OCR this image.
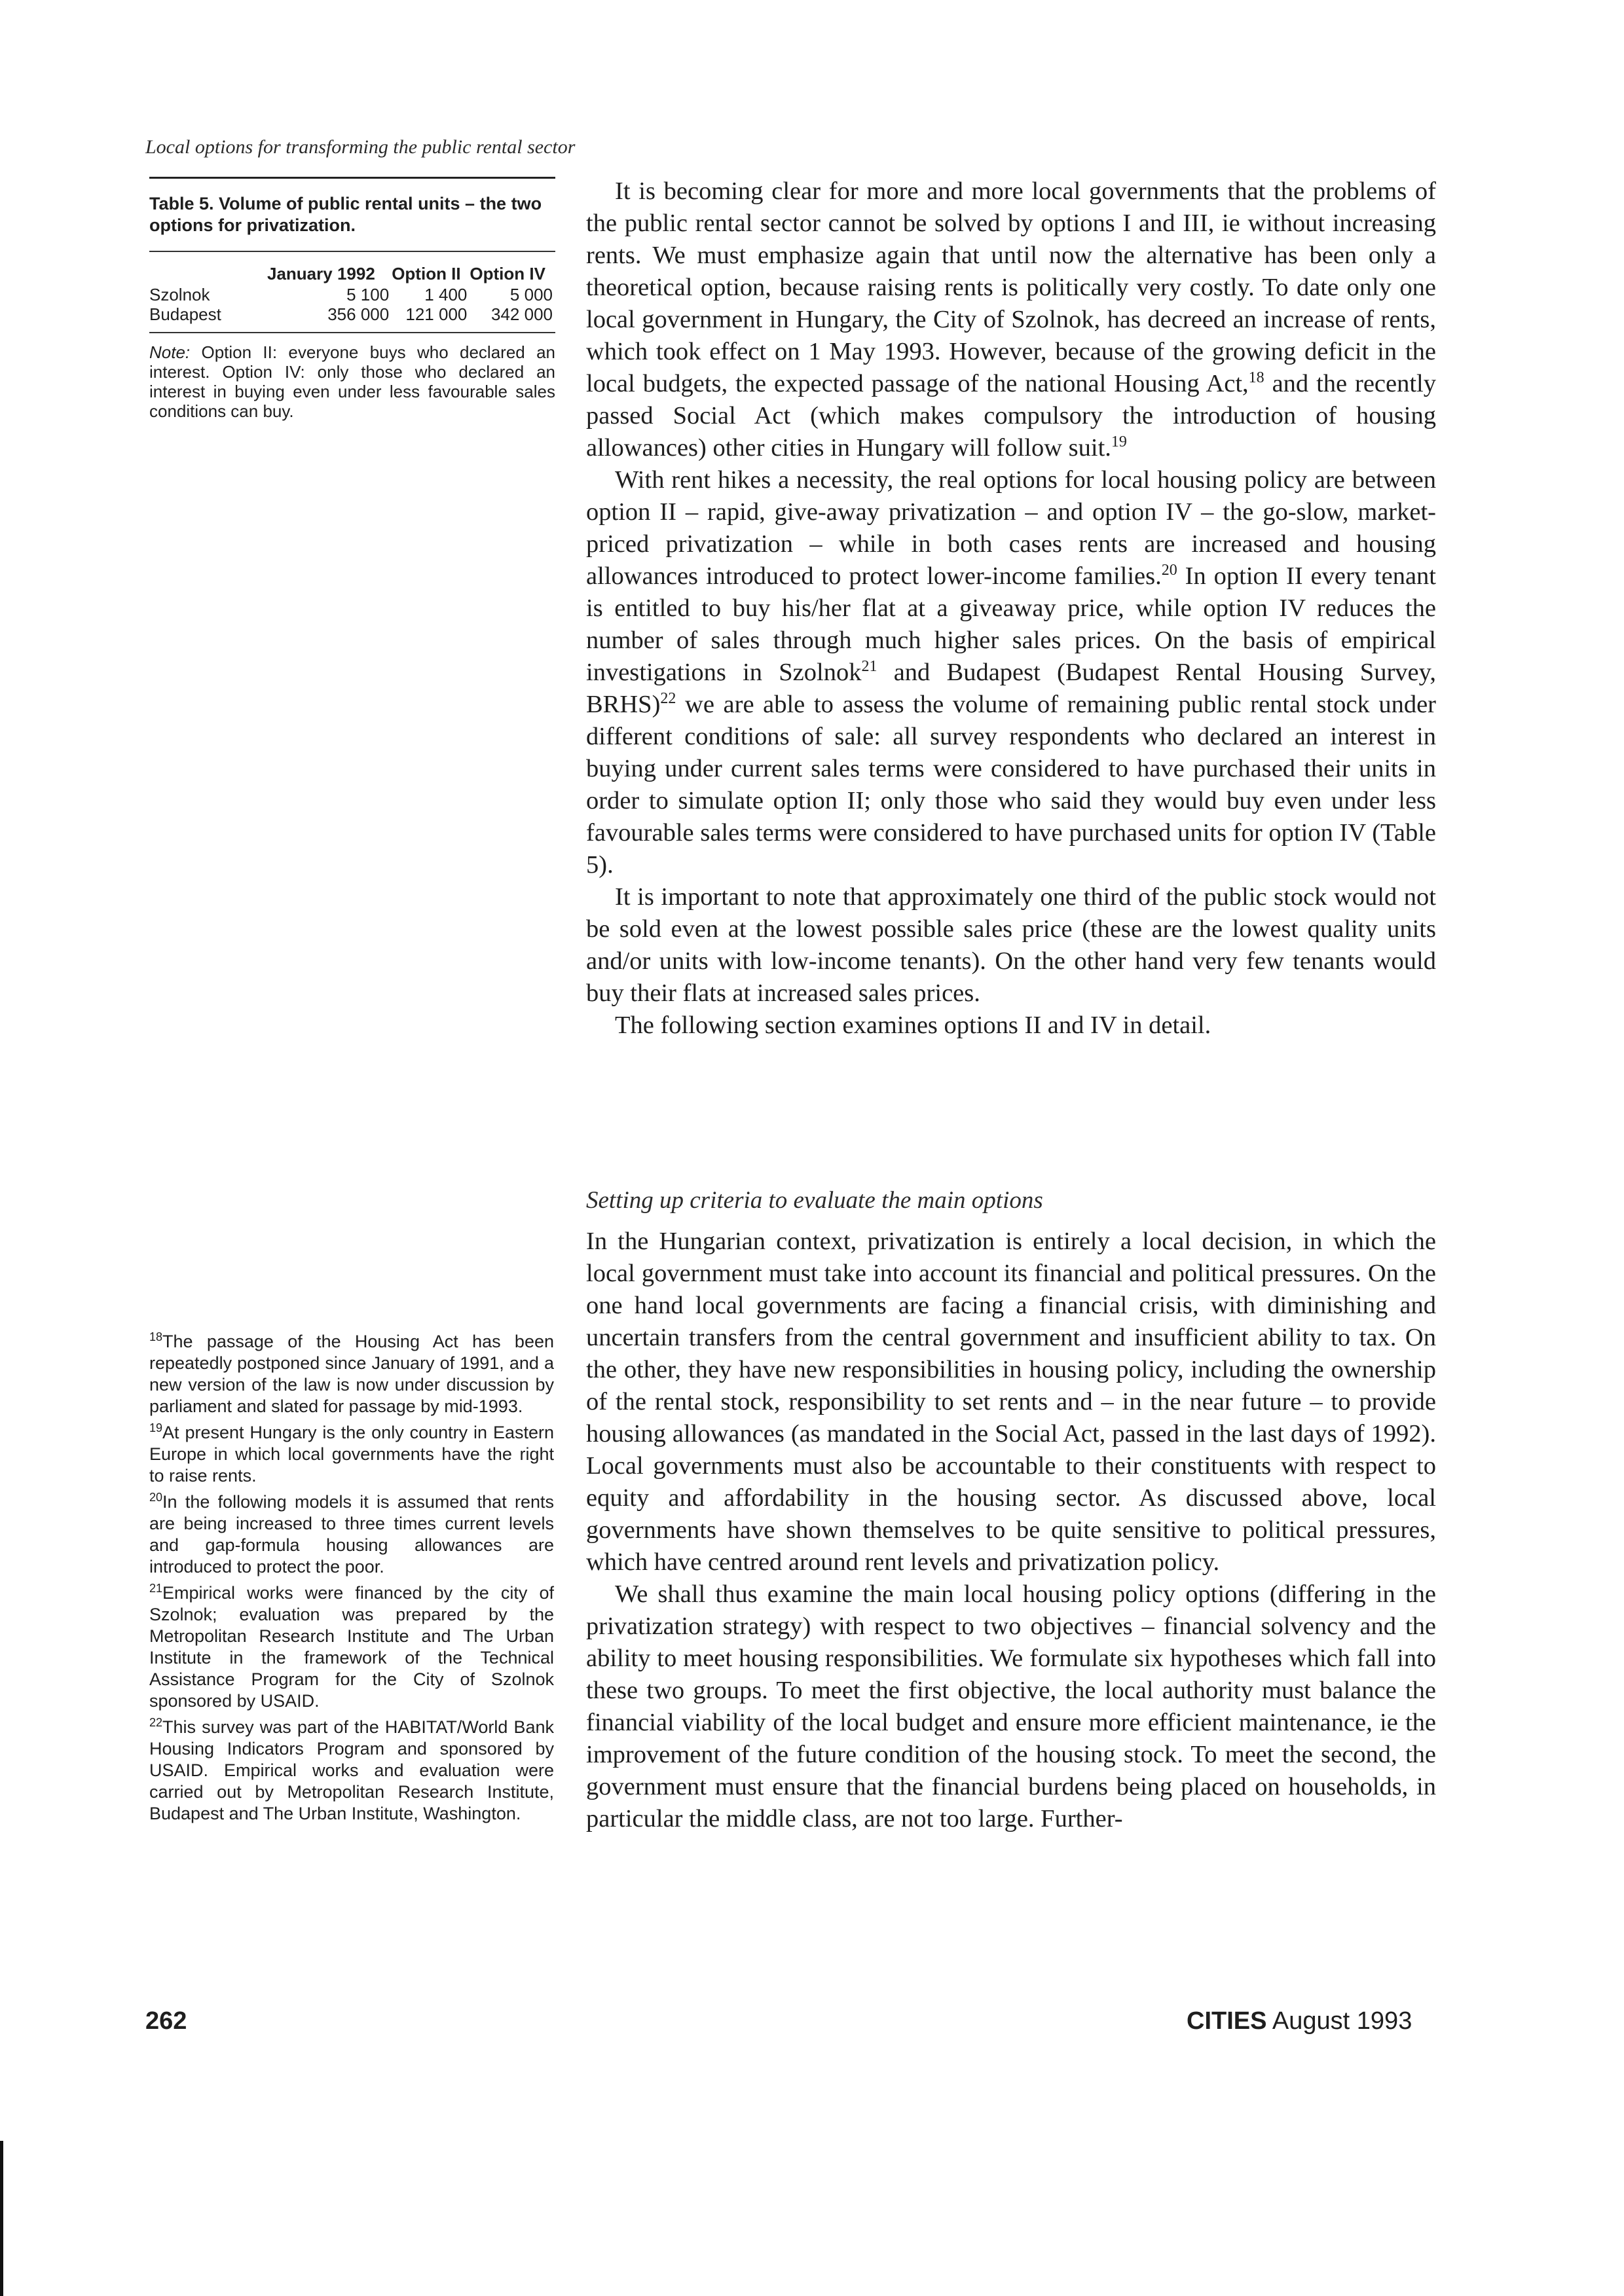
Local options for transforming the public rental sector
Table 5. Volume of public rental units – the two options for privatization.
	January 1992	Option II	Option IV
Szolnok	5 100	1 400	5 000
Budapest	356 000	121 000	342 000
Note: Option II: everyone buys who declared an interest. Option IV: only those who declared an interest in buying even under less favourable sales conditions can buy.

It is becoming clear for more and more local governments that the problems of the public rental sector cannot be solved by options I and III, ie without increasing rents. We must emphasize again that until now the alternative has been only a theoretical option, because raising rents is politically very costly. To date only one local government in Hungary, the City of Szolnok, has decreed an increase of rents, which took effect on 1 May 1993. However, because of the growing deficit in the local budgets, the expected passage of the national Housing Act,$^{18}$ and the recently passed Social Act (which makes compulsory the introduction of housing allowances) other cities in Hungary will follow suit.$^{19}$

With rent hikes a necessity, the real options for local housing policy are between option II – rapid, give-away privatization – and option IV – the go-slow, market-priced privatization – while in both cases rents are increased and housing allowances introduced to protect lower-income families.$^{20}$ In option II every tenant is entitled to buy his/her flat at a giveaway price, while option IV reduces the number of sales through much higher sales prices. On the basis of empirical investigations in Szolnok$^{21}$ and Budapest (Budapest Rental Housing Survey, BRHS)$^{22}$ we are able to assess the volume of remaining public rental stock under different conditions of sale: all survey respondents who declared an interest in buying under current sales terms were considered to have purchased their units in order to simulate option II; only those who said they would buy even under less favourable sales terms were considered to have purchased units for option IV (Table 5).

It is important to note that approximately one third of the public stock would not be sold even at the lowest possible sales price (these are the lowest quality units and/or units with low-income tenants). On the other hand very few tenants would buy their flats at increased sales prices.

The following section examines options II and IV in detail.

Setting up criteria to evaluate the main options

In the Hungarian context, privatization is entirely a local decision, in which the local government must take into account its financial and political pressures. On the one hand local governments are facing a financial crisis, with diminishing and uncertain transfers from the central government and insufficient ability to tax. On the other, they have new responsibilities in housing policy, including the ownership of the rental stock, responsibility to set rents and – in the near future – to provide housing allowances (as mandated in the Social Act, passed in the last days of 1992). Local governments must also be accountable to their constituents with respect to equity and affordability in the housing sector. As discussed above, local governments have shown themselves to be quite sensitive to political pressures, which have centred around rent levels and privatization policy.

We shall thus examine the main local housing policy options (differing in the privatization strategy) with respect to two objectives – financial solvency and the ability to meet housing responsibilities. We formulate six hypotheses which fall into these two groups. To meet the first objective, the local authority must balance the financial viability of the local budget and ensure more efficient maintenance, ie the improvement of the future condition of the housing stock. To meet the second, the government must ensure that the financial burdens being placed on households, in particular the middle class, are not too large. Further-

$^{18}$The passage of the Housing Act has been repeatedly postponed since January of 1991, and a new version of the law is now under discussion by parliament and slated for passage by mid-1993.

$^{19}$At present Hungary is the only country in Eastern Europe in which local governments have the right to raise rents.

$^{20}$In the following models it is assumed that rents are being increased to three times current levels and gap-formula housing allowances are introduced to protect the poor.

$^{21}$Empirical works were financed by the city of Szolnok; evaluation was prepared by the Metropolitan Research Institute and The Urban Institute in the framework of the Technical Assistance Program for the City of Szolnok sponsored by USAID.

$^{22}$This survey was part of the HABITAT/World Bank Housing Indicators Program and sponsored by USAID. Empirical works and evaluation were carried out by Metropolitan Research Institute, Budapest and The Urban Institute, Washington.

262	CITIES August 1993
